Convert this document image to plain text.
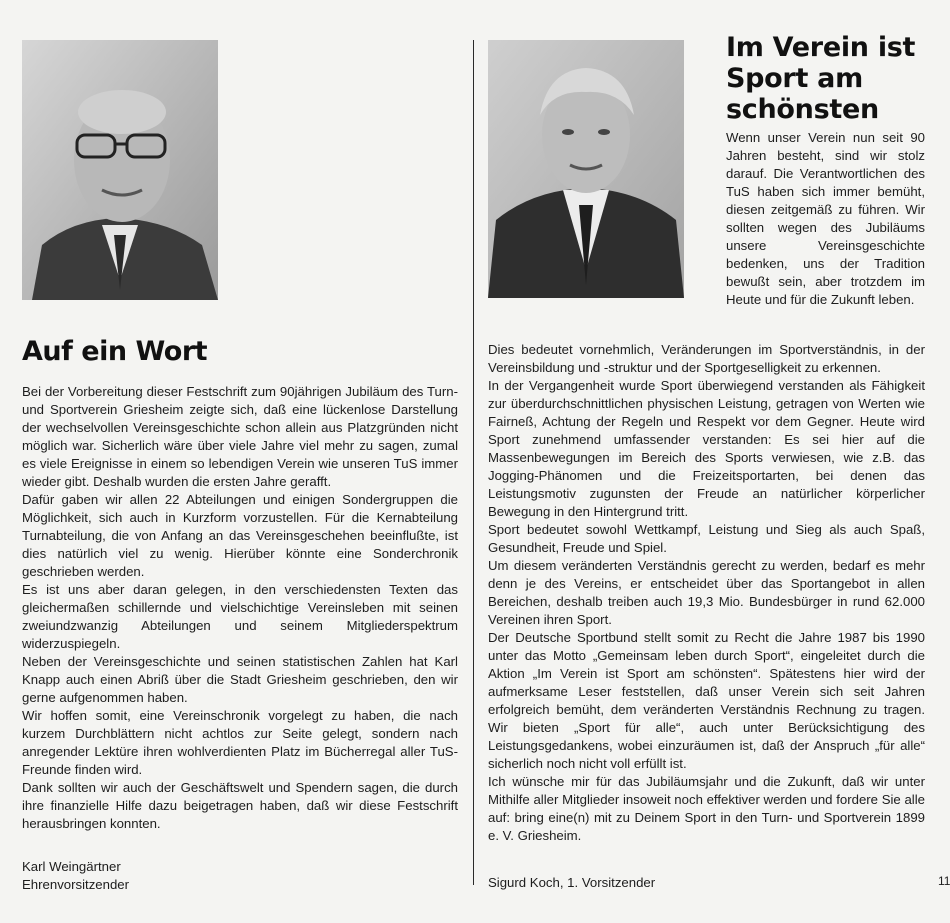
Auf ein Wort

Bei der Vorbereitung dieser Festschrift zum 90jährigen Jubiläum des Turn- und Sportverein Griesheim zeigte sich, daß eine lückenlose Darstellung der wechselvollen Vereinsgeschichte schon allein aus Platzgründen nicht möglich war. Sicherlich wäre über viele Jahre viel mehr zu sagen, zumal es viele Ereignisse in einem so lebendigen Verein wie unseren TuS immer wieder gibt. Deshalb wurden die ersten Jahre gerafft.

Dafür gaben wir allen 22 Abteilungen und einigen Sondergruppen die Möglichkeit, sich auch in Kurzform vorzustellen. Für die Kernabteilung Turnabteilung, die von Anfang an das Vereinsgeschehen beeinflußte, ist dies natürlich viel zu wenig. Hierüber könnte eine Sonderchronik geschrieben werden.

Es ist uns aber daran gelegen, in den verschiedensten Texten das gleichermaßen schillernde und vielschichtige Vereinsleben mit seinen zweiundzwanzig Abteilungen und seinem Mitgliederspektrum widerzuspiegeln.

Neben der Vereinsgeschichte und seinen statistischen Zahlen hat Karl Knapp auch einen Abriß über die Stadt Griesheim geschrieben, den wir gerne aufgenommen haben.

Wir hoffen somit, eine Vereinschronik vorgelegt zu haben, die nach kurzem Durchblättern nicht achtlos zur Seite gelegt, sondern nach anregender Lektüre ihren wohlverdienten Platz im Bücherregal aller TuS-Freunde finden wird.

Dank sollten wir auch der Geschäftswelt und Spendern sagen, die durch ihre finanzielle Hilfe dazu beigetragen haben, daß wir diese Festschrift herausbringen konnten.

Karl Weingärtner
Ehrenvorsitzender
Im Verein ist
Sport am
schönsten

Wenn unser Verein nun seit 90 Jahren besteht, sind wir stolz darauf. Die Verantwortlichen des TuS haben sich immer bemüht, diesen zeitgemäß zu führen. Wir sollten wegen des Jubiläums unsere Vereinsgeschichte bedenken, uns der Tradition bewußt sein, aber trotzdem im Heute und für die Zukunft leben.

Dies bedeutet vornehmlich, Veränderungen im Sportverständnis, in der Vereinsbildung und -struktur und der Sportgeselligkeit zu erkennen.

In der Vergangenheit wurde Sport überwiegend verstanden als Fähigkeit zur überdurchschnittlichen physischen Leistung, getragen von Werten wie Fairneß, Achtung der Regeln und Respekt vor dem Gegner. Heute wird Sport zunehmend umfassender verstanden: Es sei hier auf die Massenbewegungen im Bereich des Sports verwiesen, wie z.B. das Jogging-Phänomen und die Freizeitsportarten, bei denen das Leistungsmotiv zugunsten der Freude an natürlicher körperlicher Bewegung in den Hintergrund tritt.

Sport bedeutet sowohl Wettkampf, Leistung und Sieg als auch Spaß, Gesundheit, Freude und Spiel.

Um diesem veränderten Verständnis gerecht zu werden, bedarf es mehr denn je des Vereins, er entscheidet über das Sportangebot in allen Bereichen, deshalb treiben auch 19,3 Mio. Bundesbürger in rund 62.000 Vereinen ihren Sport.

Der Deutsche Sportbund stellt somit zu Recht die Jahre 1987 bis 1990 unter das Motto „Gemeinsam leben durch Sport“, eingeleitet durch die Aktion „Im Verein ist Sport am schönsten“. Spätestens hier wird der aufmerksame Leser feststellen, daß unser Verein sich seit Jahren erfolgreich bemüht, dem veränderten Verständnis Rechnung zu tragen. Wir bieten „Sport für alle“, auch unter Berücksichtigung des Leistungsgedankens, wobei einzuräumen ist, daß der Anspruch „für alle“ sicherlich noch nicht voll erfüllt ist.

Ich wünsche mir für das Jubiläumsjahr und die Zukunft, daß wir unter Mithilfe aller Mitglieder insoweit noch effektiver werden und fordere Sie alle auf: bring eine(n) mit zu Deinem Sport in den Turn- und Sportverein 1899 e. V. Griesheim.

Sigurd Koch, 1. Vorsitzender	11
